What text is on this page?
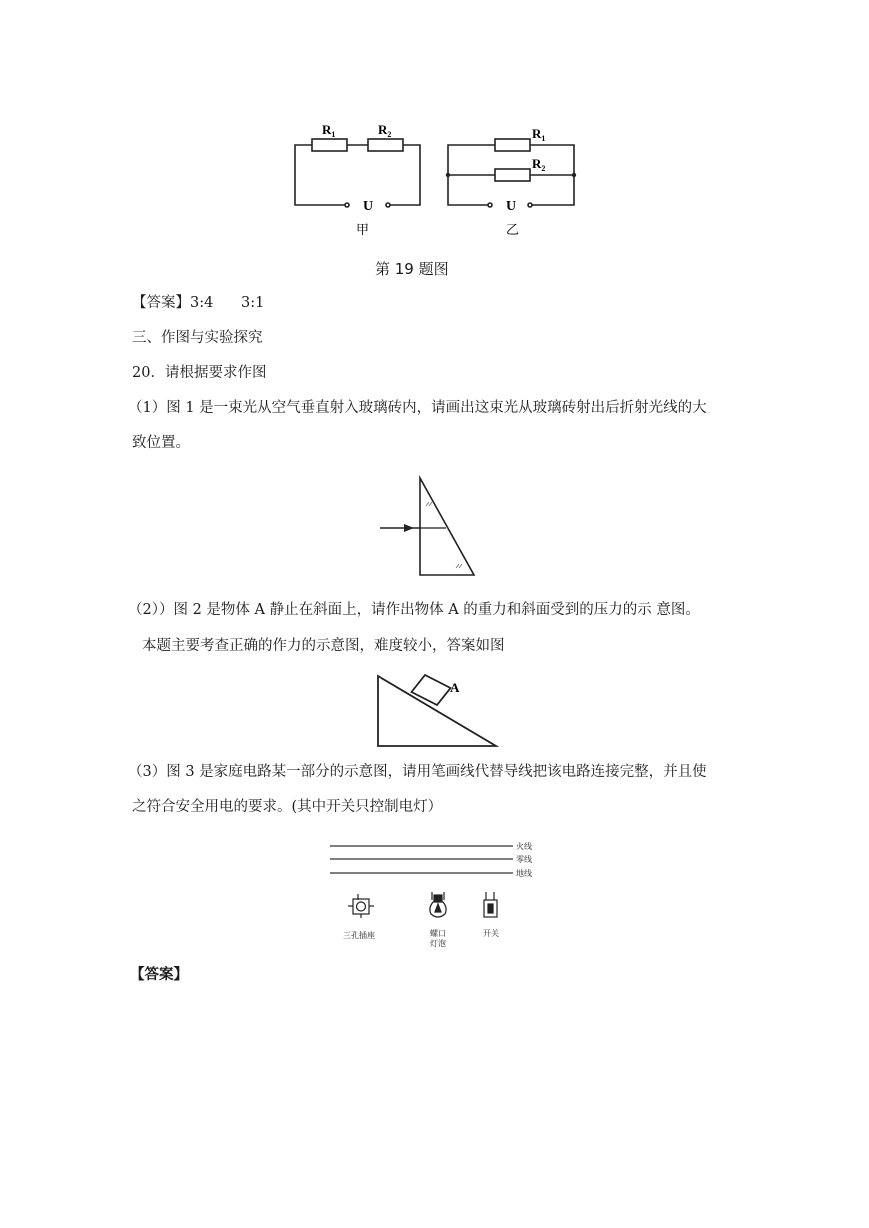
$R_1$	$R_2$
U
甲
$R_1$
$R_2$
U
乙
第 19 题图
【答案】3:4      3:1
三、作图与实验探究
20．请根据要求作图
（1）图 1 是一束光从空气垂直射入玻璃砖内，请画出这束光从玻璃砖射出后折射光线的大
致位置。
（2））图 2 是物体 A 静止在斜面上，请作出物体 A 的重力和斜面受到的压力的示 意图。
本题主要考查正确的作力的示意图，难度较小，答案如图
A
（3）图 3 是家庭电路某一部分的示意图，请用笔画线代替导线把该电路连接完整，并且使
之符合安全用电的要求。(其中开关只控制电灯）
火线
零线
地线
三孔插座	螺口
灯泡
开关
【答案】
